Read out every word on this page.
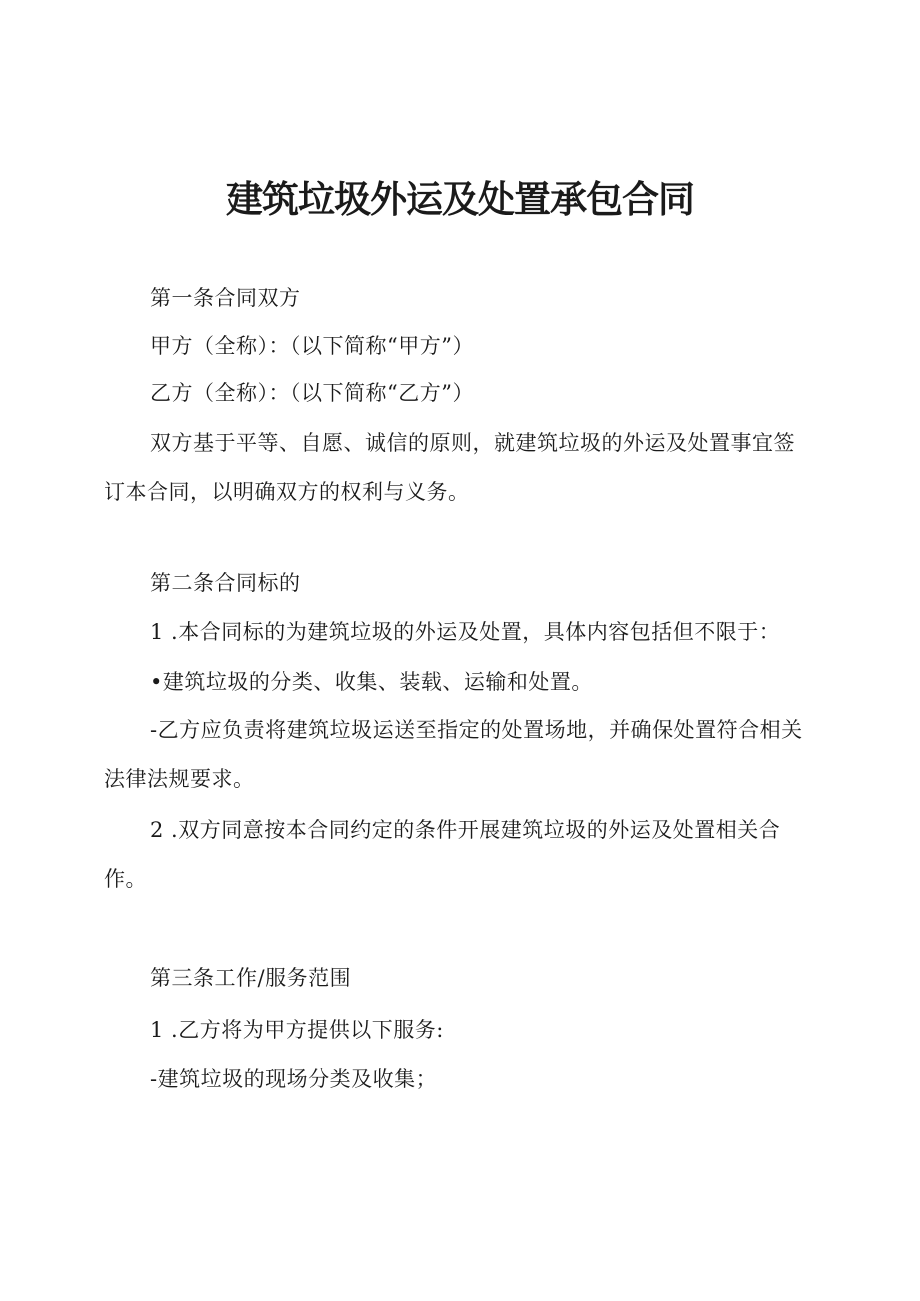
建筑垃圾外运及处置承包合同
第一条合同双方
甲方（全称）：（以下简称“甲方”）
乙方（全称）：（以下简称“乙方”）
双方基于平等、自愿、诚信的原则，就建筑垃圾的外运及处置事宜签
订本合同，以明确双方的权利与义务。
第二条合同标的
1 .本合同标的为建筑垃圾的外运及处置，具体内容包括但不限于：
•建筑垃圾的分类、收集、装载、运输和处置。
-乙方应负责将建筑垃圾运送至指定的处置场地，并确保处置符合相关
法律法规要求。
2 .双方同意按本合同约定的条件开展建筑垃圾的外运及处置相关合
作。
第三条工作/服务范围
1 .乙方将为甲方提供以下服务:
-建筑垃圾的现场分类及收集；
